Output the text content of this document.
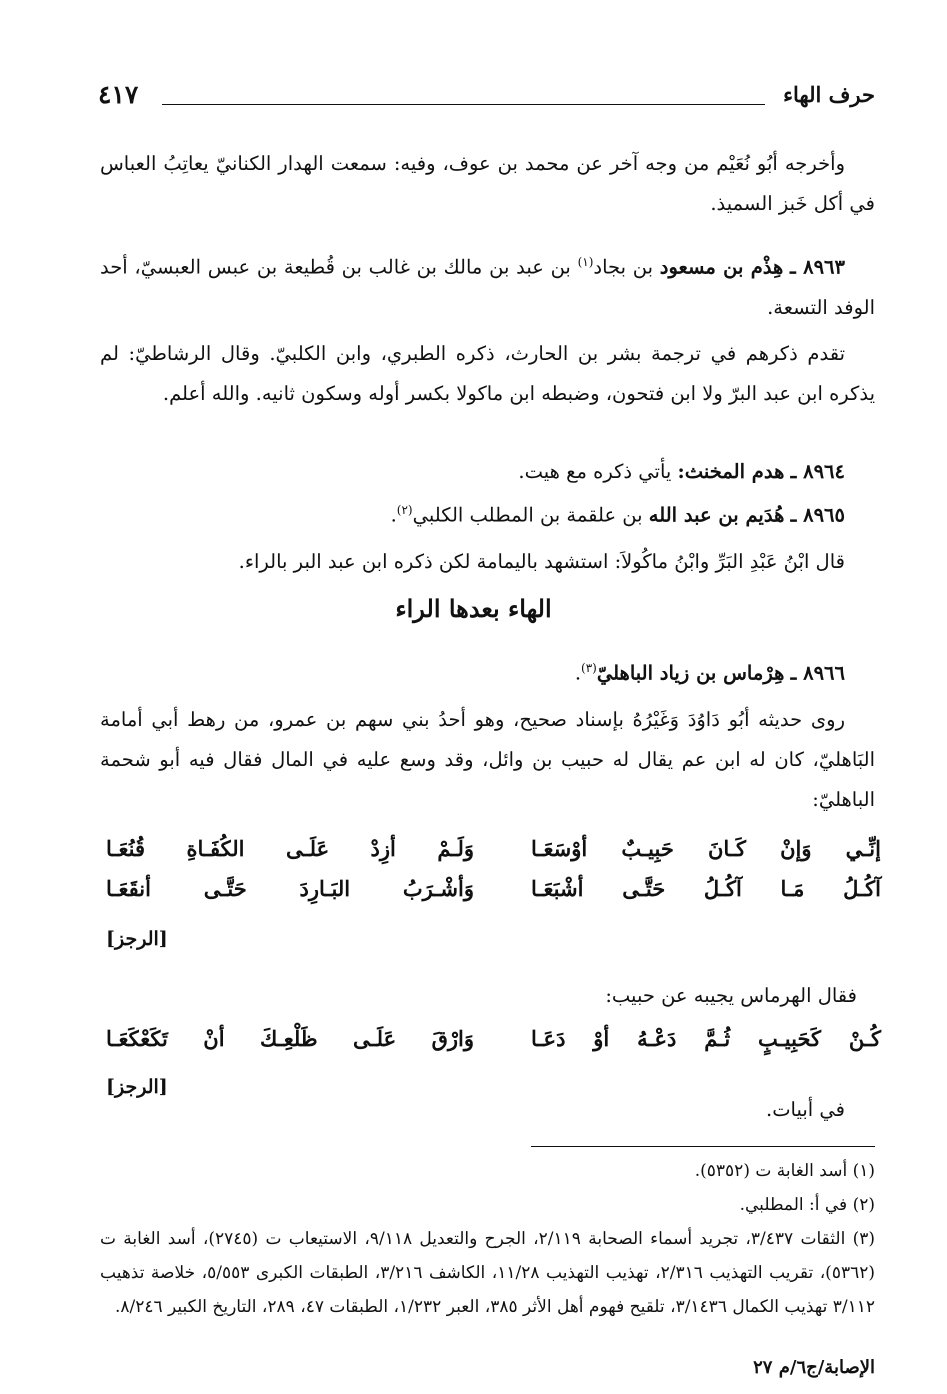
حرف الهاء
٤١٧
وأخرجه أبُو نُعَيْم من وجه آخر عن محمد بن عوف، وفيه: سمعت الهدار الكنانيّ يعاتِبُ العباس في أكل خَبز السميذ.
٨٩٦٣ ـ هِذْم بن مسعود بن بجاد$^{(١)}$ بن عبد بن مالك بن غالب بن قُطيعة بن عبس العبسيّ، أحد الوفد التسعة.
تقدم ذكرهم في ترجمة بشر بن الحارث، ذكره الطبري، وابن الكلبيّ. وقال الرشاطيّ: لم يذكره ابن عبد البرّ ولا ابن فتحون، وضبطه ابن ماكولا بكسر أوله وسكون ثانيه. والله أعلم.
٨٩٦٤ ـ هدم المخنث: يأتي ذكره مع هيت.
٨٩٦٥ ـ هُدَيم بن عبد الله بن علقمة بن المطلب الكلبي$^{(٢)}$.
قال ابْنُ عَبْدِ البَرِّ وابْنُ ماكُولاَ: استشهد باليمامة لكن ذكره ابن عبد البر بالراء.
الهاء بعدها الراء
٨٩٦٦ ـ هِرْماس بن زياد الباهليّ$^{(٣)}$.
روى حديثه أبُو دَاوُدَ وَغَيْرُهُ بإسناد صحيح، وهو أحدُ بني سهم بن عمرو، من رهط أبي أمامة البَاهليّ، كان له ابن عم يقال له حبيب بن وائل، وقد وسع عليه في المال فقال فيه أبو شحمة الباهليّ:
إنِّـي وَإنْ كَـانَ حَبِيـبٌ أوْسَعَـا
وَلَـمْ أزِدْ عَلَـى الكُفَـاةِ قُنُعَـا
آكُـلُ مَـا آكُـلُ حَتَّـى أشْبَعَـا
وَأشْـرَبُ البَـارِدَ حَتَّـى أنقَعَـا
[الرجز]
فقال الهرماس يجيبه عن حبيب:
كُـنْ كَحَبِيـبٍ ثُـمَّ دَعْـهُ أوْ دَعَـا
وَارْقَ عَلَـى ظَلْعِـكَ أنْ تَكَعْكَعَـا
[الرجز]
في أبيات.
(١) أسد الغابة ت (٥٣٥٢).
(٢) في أ: المطلبي.
(٣) الثقات ٣/٤٣٧، تجريد أسماء الصحابة ٢/١١٩، الجرح والتعديل ٩/١١٨، الاستيعاب ت (٢٧٤٥)، أسد الغابة ت (٥٣٦٢)، تقريب التهذيب ٢/٣١٦، تهذيب التهذيب ١١/٢٨، الكاشف ٣/٢١٦، الطبقات الكبرى ٥/٥٥٣، خلاصة تذهيب ٣/١١٢ تهذيب الكمال ٣/١٤٣٦، تلقيح فهوم أهل الأثر ٣٨٥، العبر ١/٢٣٢، الطبقات ٤٧، ٢٨٩، التاريخ الكبير ٨/٢٤٦.
الإصابة/ج٦/م ٢٧
